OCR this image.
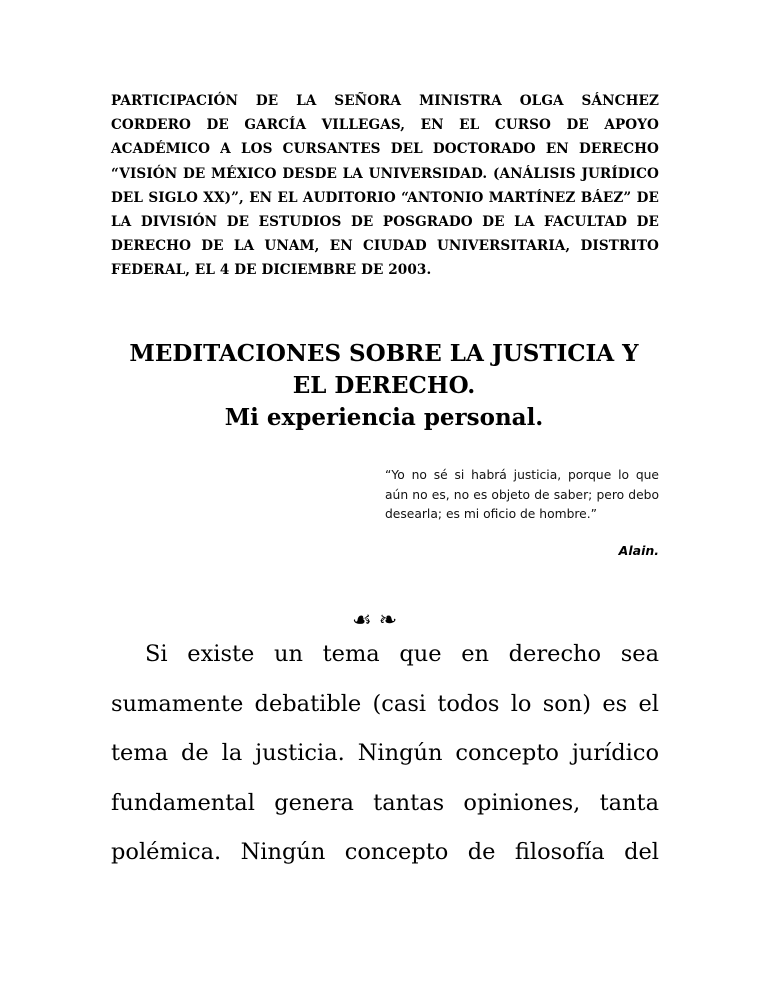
PARTICIPACIÓN DE LA SEÑORA MINISTRA OLGA SÁNCHEZ CORDERO DE GARCÍA VILLEGAS, EN EL CURSO DE APOYO ACADÉMICO A LOS CURSANTES DEL DOCTORADO EN DERECHO “VISIÓN DE MÉXICO DESDE LA UNIVERSIDAD. (ANÁLISIS JURÍDICO DEL SIGLO XX)”, EN EL AUDITORIO “ANTONIO MARTÍNEZ BÁEZ” DE LA DIVISIÓN DE ESTUDIOS DE POSGRADO DE LA FACULTAD DE DERECHO DE LA UNAM, EN CIUDAD UNIVERSITARIA, DISTRITO FEDERAL, EL 4 DE DICIEMBRE DE 2003.
MEDITACIONES SOBRE LA JUSTICIA Y
EL DERECHO.
Mi experiencia personal.
“Yo no sé si habrá justicia, porque lo que aún no es, no es objeto de saber; pero debo desearla; es mi oficio de hombre.”
Alain.
☙ ❧

Si existe un tema que en derecho sea sumamente debatible (casi todos lo son) es el tema de la justicia. Ningún concepto jurídico fundamental genera tantas opiniones, tanta polémica. Ningún concepto de filosofía del
